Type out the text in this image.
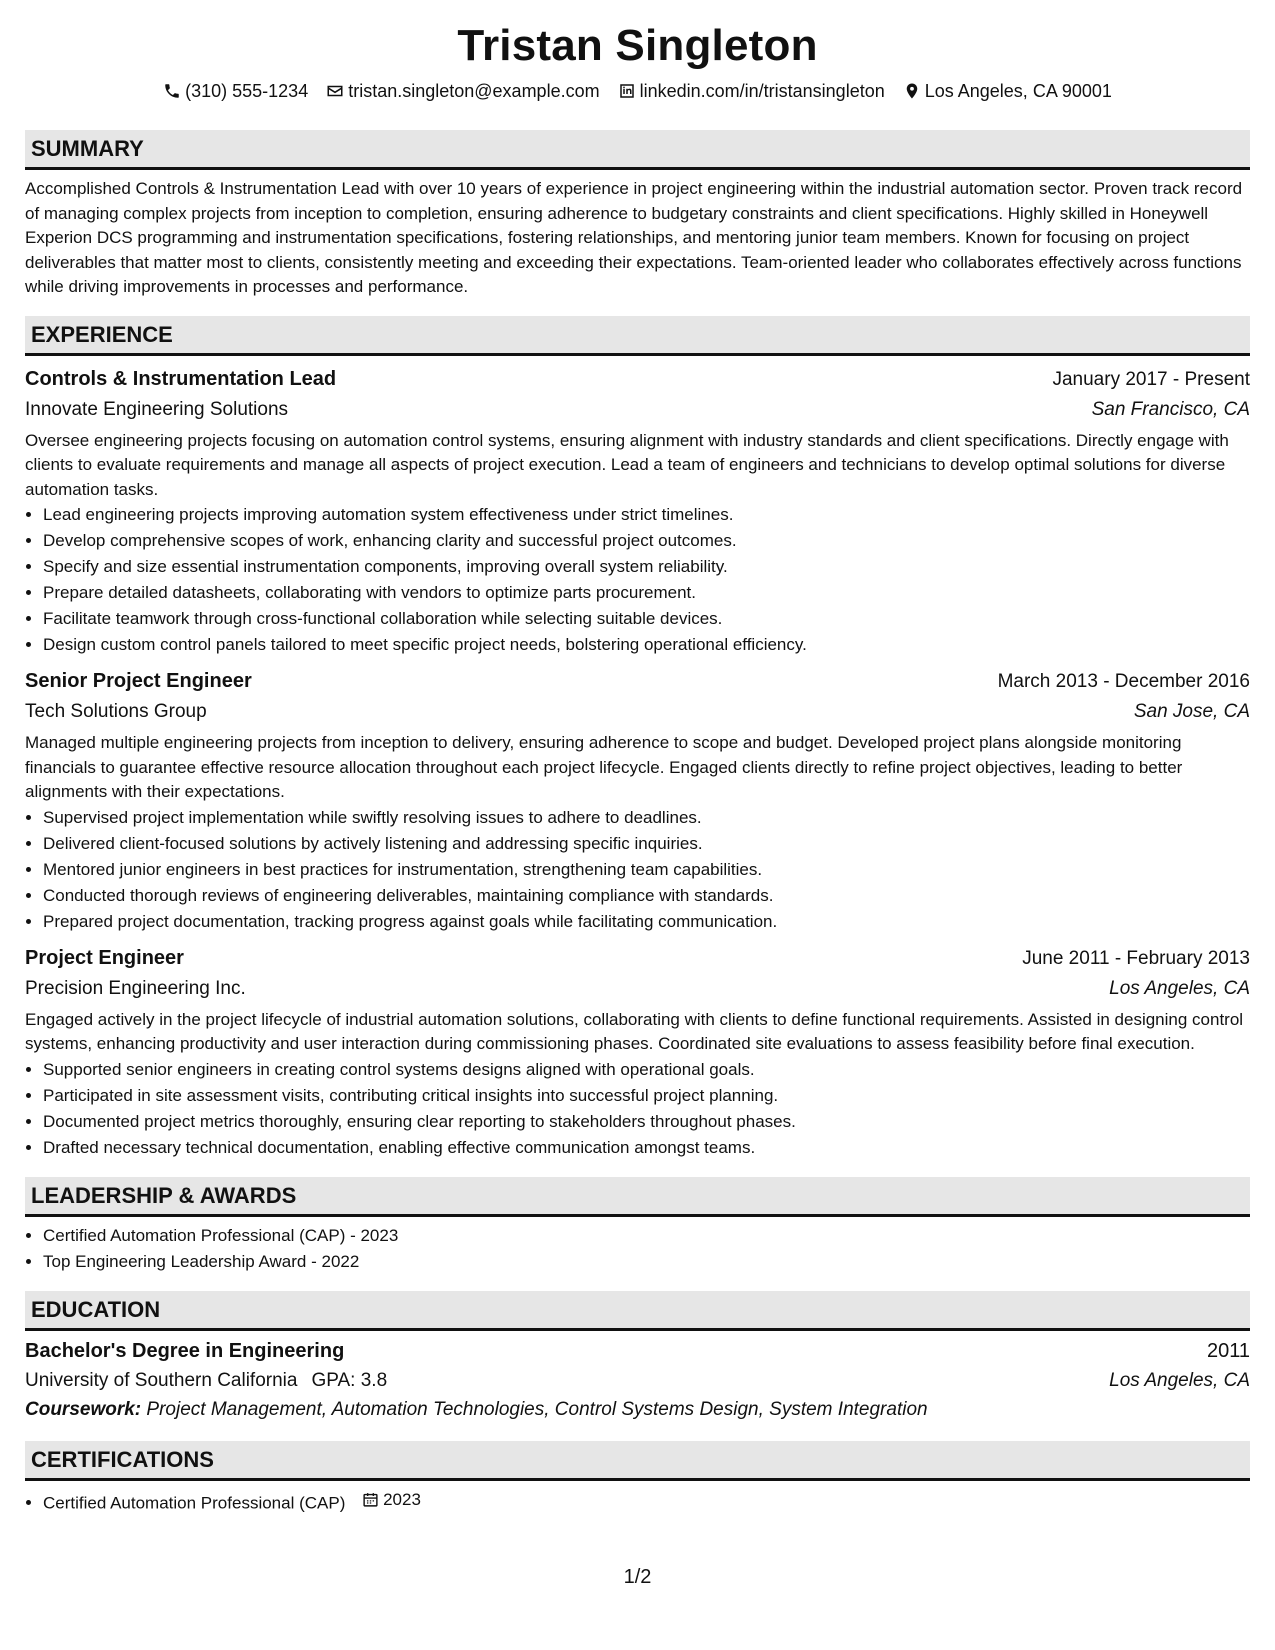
Tristan Singleton
(310) 555-1234 tristan.singleton@example.com linkedin.com/in/tristansingleton Los Angeles, CA 90001
SUMMARY
Accomplished Controls & Instrumentation Lead with over 10 years of experience in project engineering within the industrial automation sector. Proven track record of managing complex projects from inception to completion, ensuring adherence to budgetary constraints and client specifications. Highly skilled in Honeywell Experion DCS programming and instrumentation specifications, fostering relationships, and mentoring junior team members. Known for focusing on project deliverables that matter most to clients, consistently meeting and exceeding their expectations. Team-oriented leader who collaborates effectively across functions while driving improvements in processes and performance.
EXPERIENCE
Controls & Instrumentation Lead	January 2017 - Present
Innovate Engineering Solutions	San Francisco, CA
Oversee engineering projects focusing on automation control systems, ensuring alignment with industry standards and client specifications. Directly engage with clients to evaluate requirements and manage all aspects of project execution. Lead a team of engineers and technicians to develop optimal solutions for diverse automation tasks.
• Lead engineering projects improving automation system effectiveness under strict timelines.
• Develop comprehensive scopes of work, enhancing clarity and successful project outcomes.
• Specify and size essential instrumentation components, improving overall system reliability.
• Prepare detailed datasheets, collaborating with vendors to optimize parts procurement.
• Facilitate teamwork through cross-functional collaboration while selecting suitable devices.
• Design custom control panels tailored to meet specific project needs, bolstering operational efficiency.
Senior Project Engineer	March 2013 - December 2016
Tech Solutions Group	San Jose, CA
Managed multiple engineering projects from inception to delivery, ensuring adherence to scope and budget. Developed project plans alongside monitoring financials to guarantee effective resource allocation throughout each project lifecycle. Engaged clients directly to refine project objectives, leading to better alignments with their expectations.
• Supervised project implementation while swiftly resolving issues to adhere to deadlines.
• Delivered client-focused solutions by actively listening and addressing specific inquiries.
• Mentored junior engineers in best practices for instrumentation, strengthening team capabilities.
• Conducted thorough reviews of engineering deliverables, maintaining compliance with standards.
• Prepared project documentation, tracking progress against goals while facilitating communication.
Project Engineer	June 2011 - February 2013
Precision Engineering Inc.	Los Angeles, CA
Engaged actively in the project lifecycle of industrial automation solutions, collaborating with clients to define functional requirements. Assisted in designing control systems, enhancing productivity and user interaction during commissioning phases. Coordinated site evaluations to assess feasibility before final execution.
• Supported senior engineers in creating control systems designs aligned with operational goals.
• Participated in site assessment visits, contributing critical insights into successful project planning.
• Documented project metrics thoroughly, ensuring clear reporting to stakeholders throughout phases.
• Drafted necessary technical documentation, enabling effective communication amongst teams.
LEADERSHIP & AWARDS
• Certified Automation Professional (CAP) - 2023
• Top Engineering Leadership Award - 2022
EDUCATION
Bachelor's Degree in Engineering	2011
University of Southern California GPA: 3.8	Los Angeles, CA
Coursework: Project Management, Automation Technologies, Control Systems Design, System Integration
CERTIFICATIONS
• Certified Automation Professional (CAP) 2023
1/2
